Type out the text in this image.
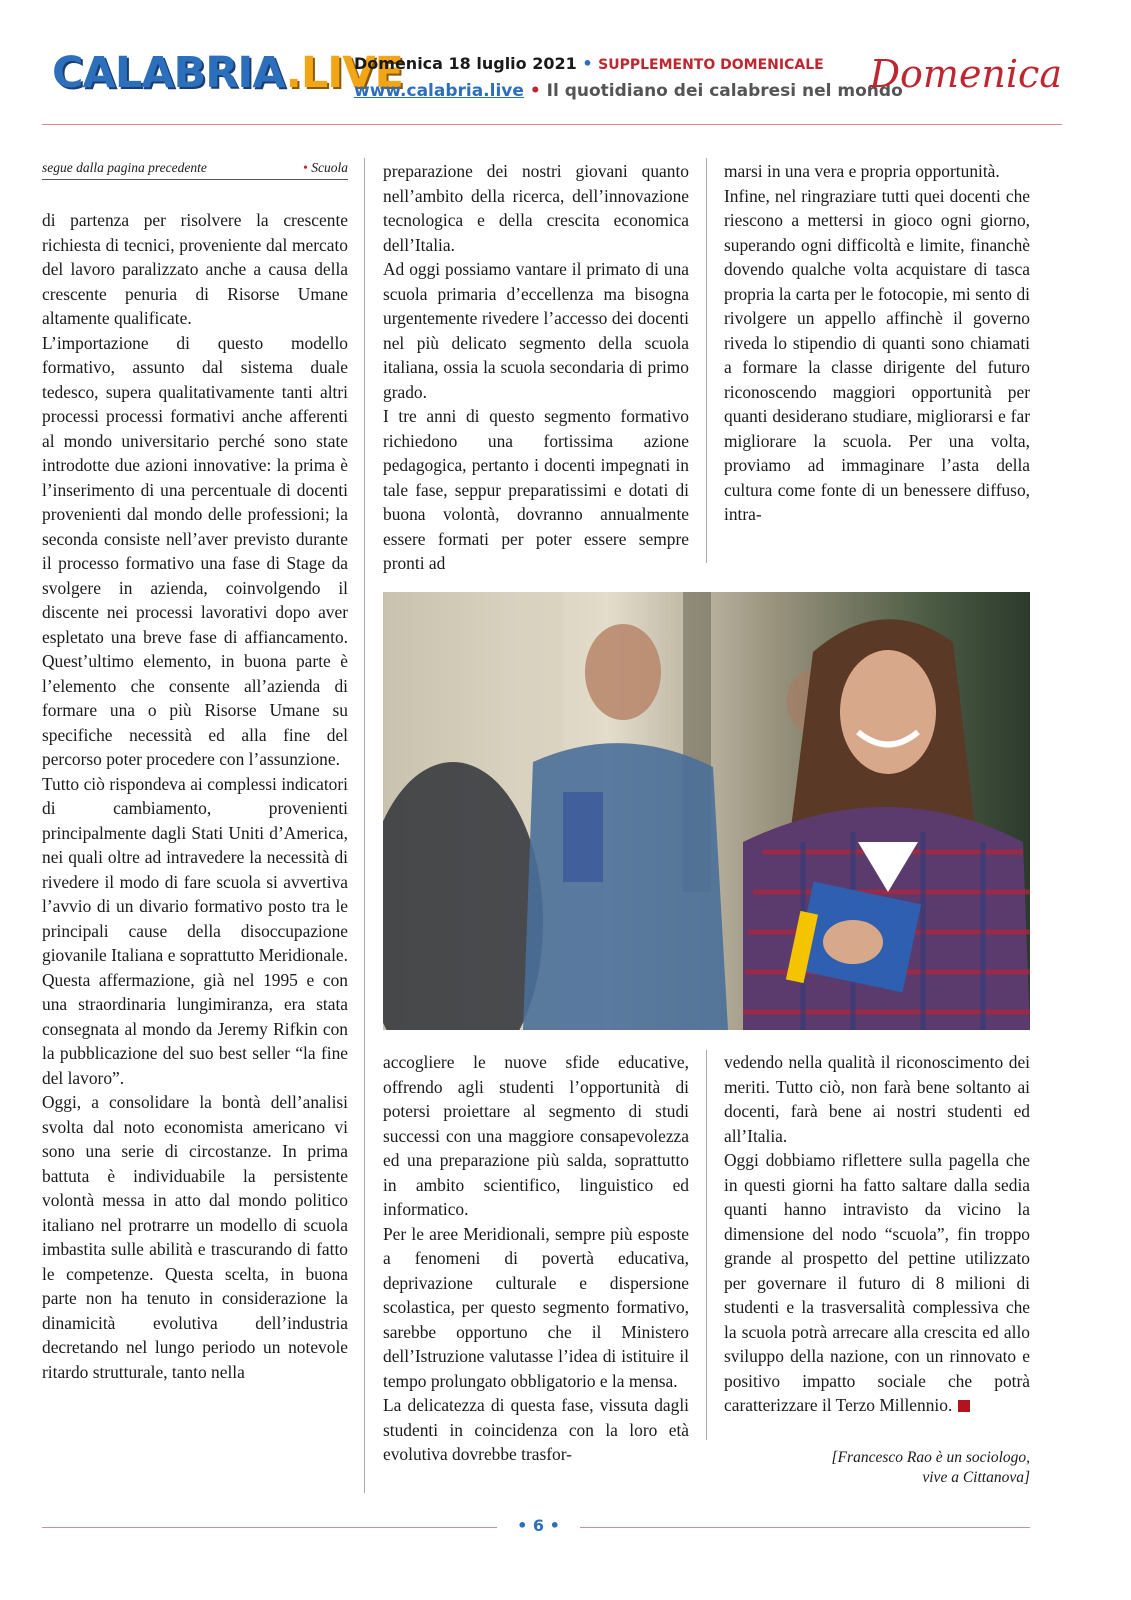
CALABRIA.LIVE
Domenica 18 luglio 2021 • SUPPLEMENTO DOMENICALE
www.calabria.live • Il quotidiano dei calabresi nel mondo
Domenica
segue dalla pagina precedente	• Scuola

di partenza per risolvere la crescente richiesta di tecnici, proveniente dal mercato del lavoro paralizzato anche a causa della crescente penuria di Risorse Umane altamente qualificate.

L’importazione di questo modello formativo, assunto dal sistema duale tedesco, supera qualitativamente tanti altri processi processi formativi anche afferenti al mondo universitario perché sono state introdotte due azioni innovative: la prima è l’inserimento di una percentuale di docenti provenienti dal mondo delle professioni; la seconda consiste nell’aver previsto durante il processo formativo una fase di Stage da svolgere in azienda, coinvolgendo il discente nei processi lavorativi dopo aver espletato una breve fase di affiancamento. Quest’ultimo elemento, in buona parte è l’elemento che consente all’azienda di formare una o più Risorse Umane su specifiche necessità ed alla fine del percorso poter procedere con l’assunzione.

Tutto ciò rispondeva ai complessi indicatori di cambiamento, provenienti principalmente dagli Stati Uniti d’America, nei quali oltre ad intravedere la necessità di rivedere il modo di fare scuola si avvertiva l’avvio di un divario formativo posto tra le principali cause della disoccupazione giovanile Italiana e soprattutto Meridionale. Questa affermazione, già nel 1995 e con una straordinaria lungimiranza, era stata consegnata al mondo da Jeremy Rifkin con la pubblicazione del suo best seller “la fine del lavoro”.

Oggi, a consolidare la bontà dell’analisi svolta dal noto economista americano vi sono una serie di circostanze. In prima battuta è individuabile la persistente volontà messa in atto dal mondo politico italiano nel protrarre un modello di scuola imbastita sulle abilità e trascurando di fatto le competenze. Questa scelta, in buona parte non ha tenuto in considerazione la dinamicità evolutiva dell’industria decretando nel lungo periodo un notevole ritardo strutturale, tanto nella

preparazione dei nostri giovani quanto nell’ambito della ricerca, dell’innovazione tecnologica e della crescita economica dell’Italia.

Ad oggi possiamo vantare il primato di una scuola primaria d’eccellenza ma bisogna urgentemente rivedere l’accesso dei docenti nel più delicato segmento della scuola italiana, ossia la scuola secondaria di primo grado.

I tre anni di questo segmento formativo richiedono una fortissima azione pedagogica, pertanto i docenti impegnati in tale fase, seppur preparatissimi e dotati di buona volontà, dovranno annualmente essere formati per poter essere sempre pronti ad

marsi in una vera e propria opportunità.

Infine, nel ringraziare tutti quei docenti che riescono a mettersi in gioco ogni giorno, superando ogni difficoltà e limite, financhè dovendo qualche volta acquistare di tasca propria la carta per le fotocopie, mi sento di rivolgere un appello affinchè il governo riveda lo stipendio di quanti sono chiamati a formare la classe dirigente del futuro riconoscendo maggiori opportunità per quanti desiderano studiare, migliorarsi e far migliorare la scuola. Per una volta, proviamo ad immaginare l’asta della cultura come fonte di un benessere diffuso, intra-

accogliere le nuove sfide educative, offrendo agli studenti l’opportunità di potersi proiettare al segmento di studi successi con una maggiore consapevolezza ed una preparazione più salda, soprattutto in ambito scientifico, linguistico ed informatico.

Per le aree Meridionali, sempre più esposte a fenomeni di povertà educativa, deprivazione culturale e dispersione scolastica, per questo segmento formativo, sarebbe opportuno che il Ministero dell’Istruzione valutasse l’idea di istituire il tempo prolungato obbligatorio e la mensa.

La delicatezza di questa fase, vissuta dagli studenti in coincidenza con la loro età evolutiva dovrebbe trasfor-

vedendo nella qualità il riconoscimento dei meriti. Tutto ciò, non farà bene soltanto ai docenti, farà bene ai nostri studenti ed all’Italia.

Oggi dobbiamo riflettere sulla pagella che in questi giorni ha fatto saltare dalla sedia quanti hanno intravisto da vicino la dimensione del nodo “scuola”, fin troppo grande al prospetto del pettine utilizzato per governare il futuro di 8 milioni di studenti e la trasversalità complessiva che la scuola potrà arrecare alla crescita ed allo sviluppo della nazione, con un rinnovato e positivo impatto sociale che potrà caratterizzare il Terzo Millennio.

[Francesco Rao è un sociologo,
vive a Cittanova]
• 6 •
